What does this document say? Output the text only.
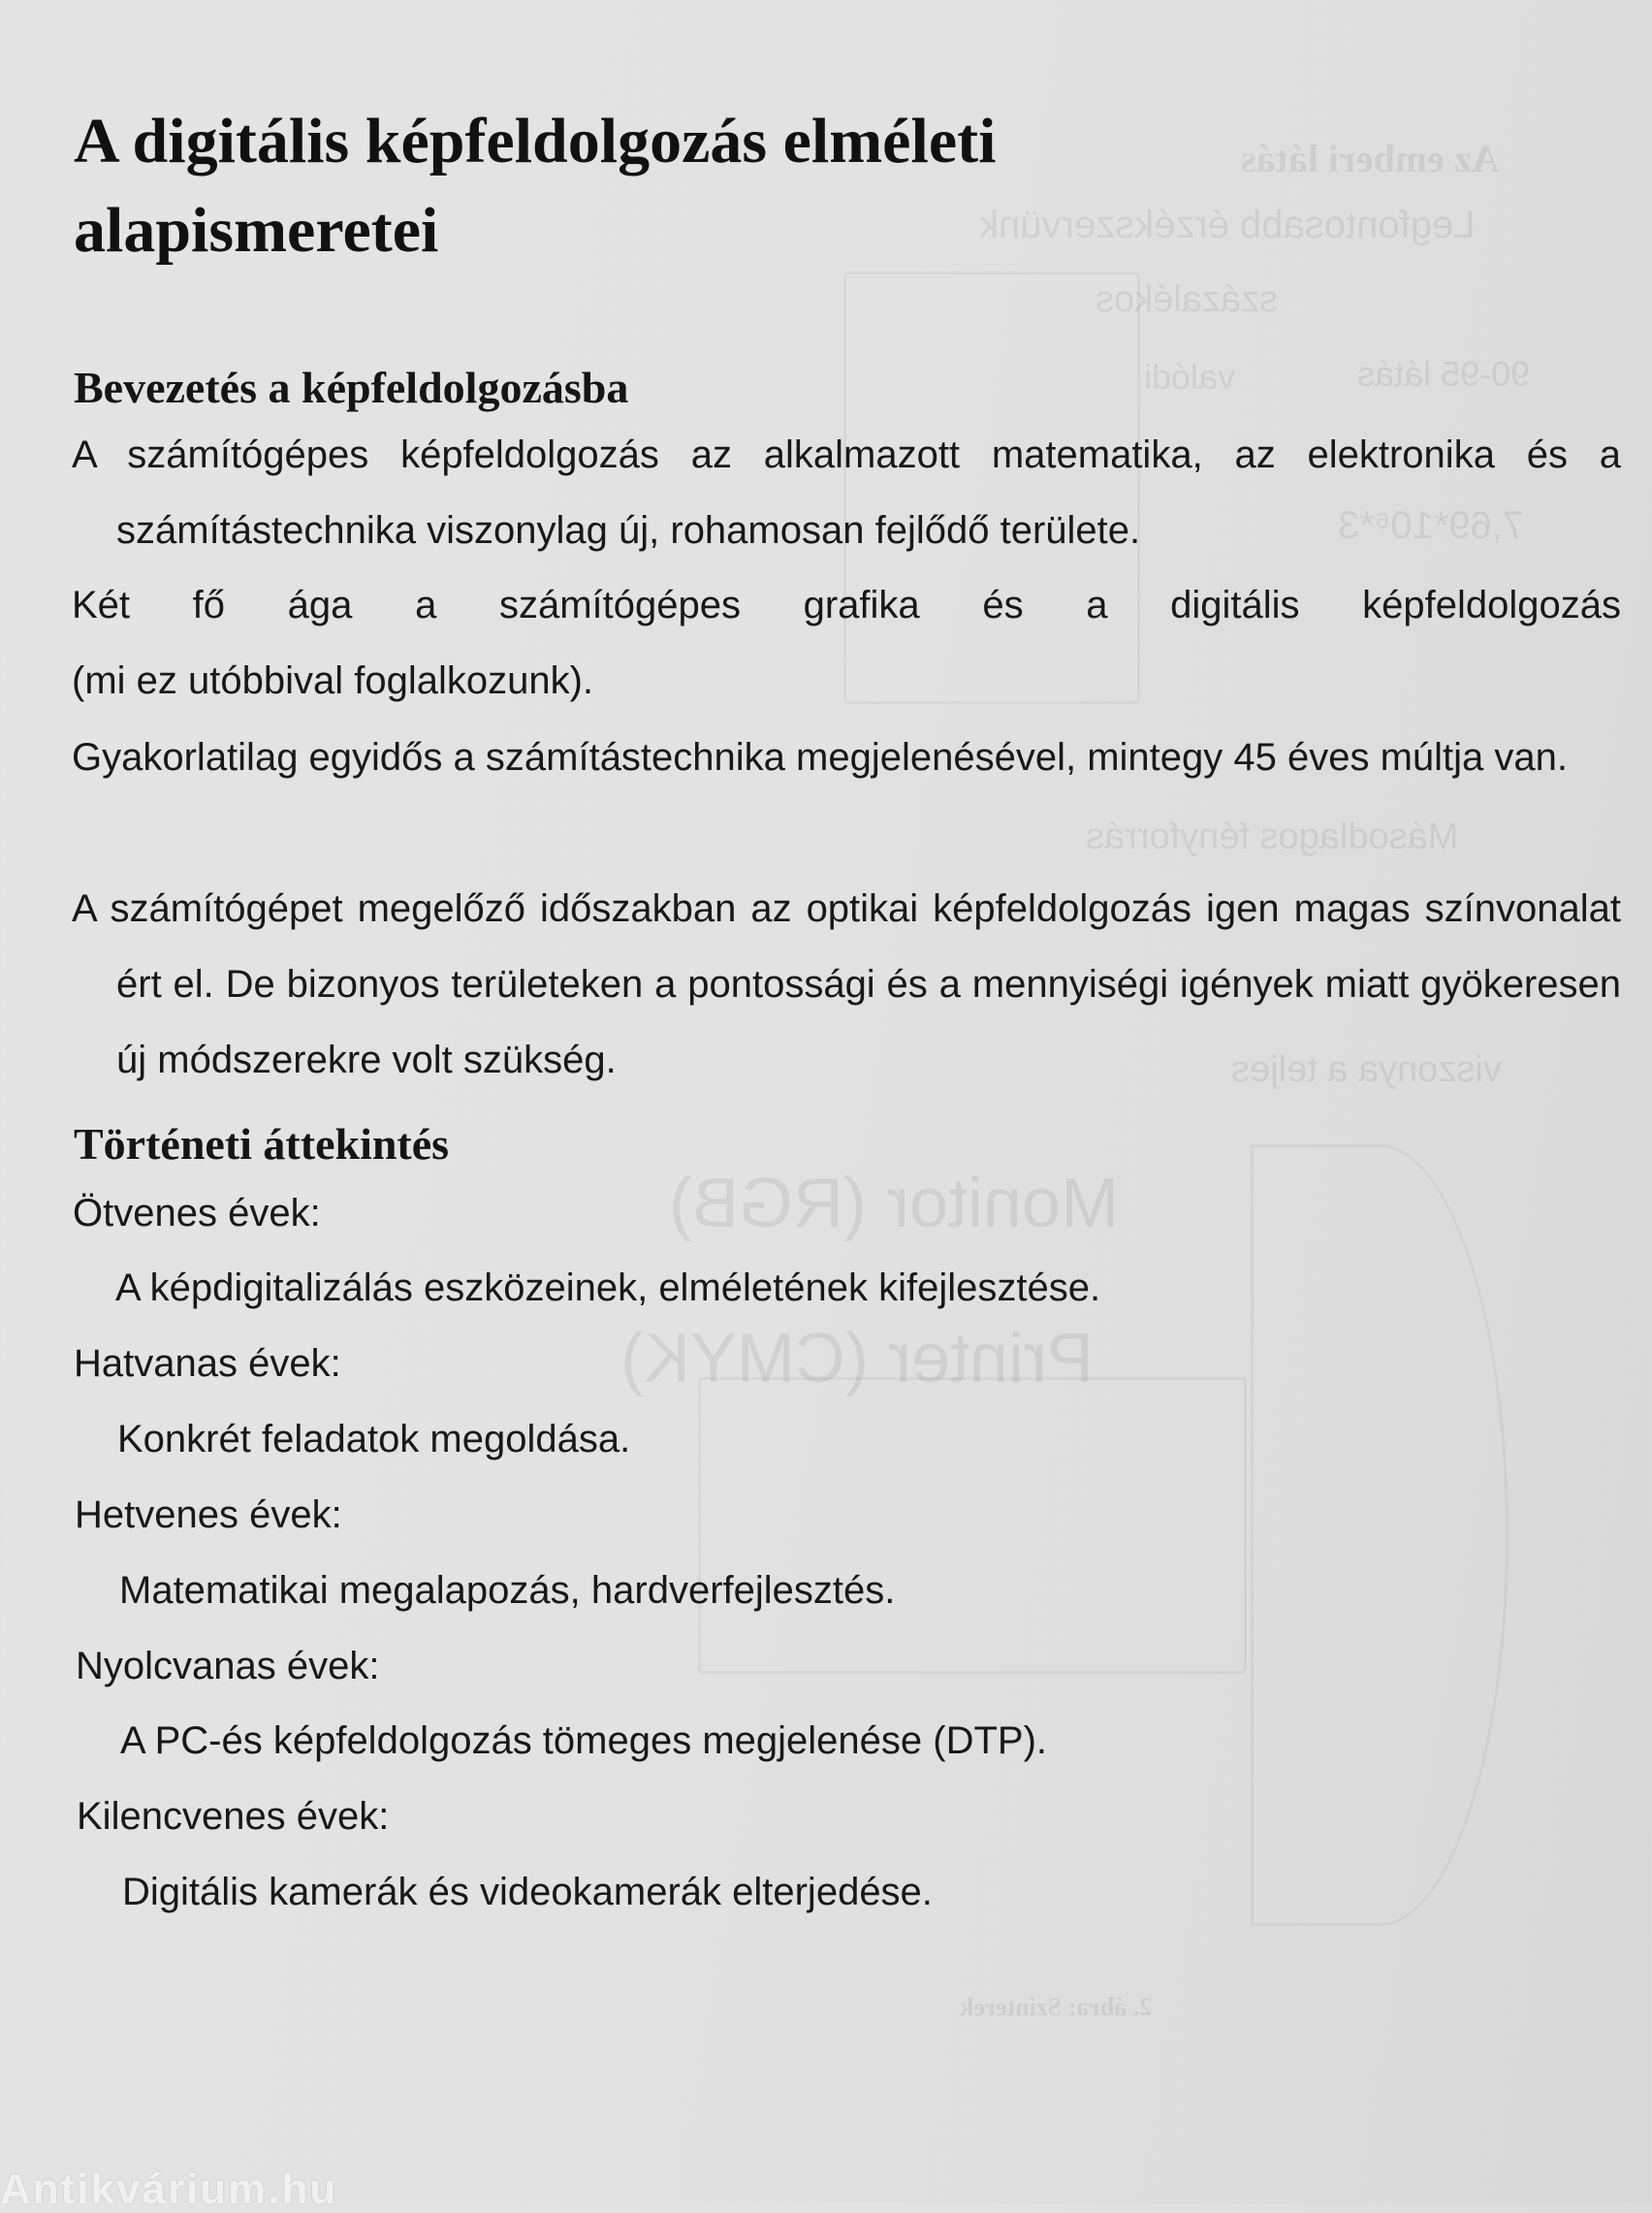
Az emberi látás
Legfontosabb érzékszervünk
százalékos
90-95 látás
valódi
7,69*10⁶*3
Másodlagos fényforrás
viszonya a teljes
Monitor (RGB)
Printer (CMYK)
2. ábra: Színterek
A digitális képfeldolgozás elméleti alapismeretei
Bevezetés a képfeldolgozásba

A számítógépes képfeldolgozás az alkalmazott matematika, az elektronika és a számítástechnika viszonylag új, rohamosan fejlődő területe.

Két fő ága a számítógépes grafika és a digitális képfeldolgozás
(mi ez utóbbival foglalkozunk).

Gyakorlatilag egyidős a számítástechnika megjelenésével, mintegy 45 éves múltja van.

A számítógépet megelőző időszakban az optikai képfeldolgozás igen magas színvonalat ért el. De bizonyos területeken a pontossági és a mennyiségi igények miatt gyökeresen új módszerekre volt szükség.

Történeti áttekintés

Ötvenes évek:

A képdigitalizálás eszközeinek, elméletének kifejlesztése.

Hatvanas évek:

Konkrét feladatok megoldása.

Hetvenes évek:

Matematikai megalapozás, hardverfejlesztés.

Nyolcvanas évek:

A PC-és képfeldolgozás tömeges megjelenése (DTP).

Kilencvenes évek:

Digitális kamerák és videokamerák elterjedése.

Antikvárium.hu
